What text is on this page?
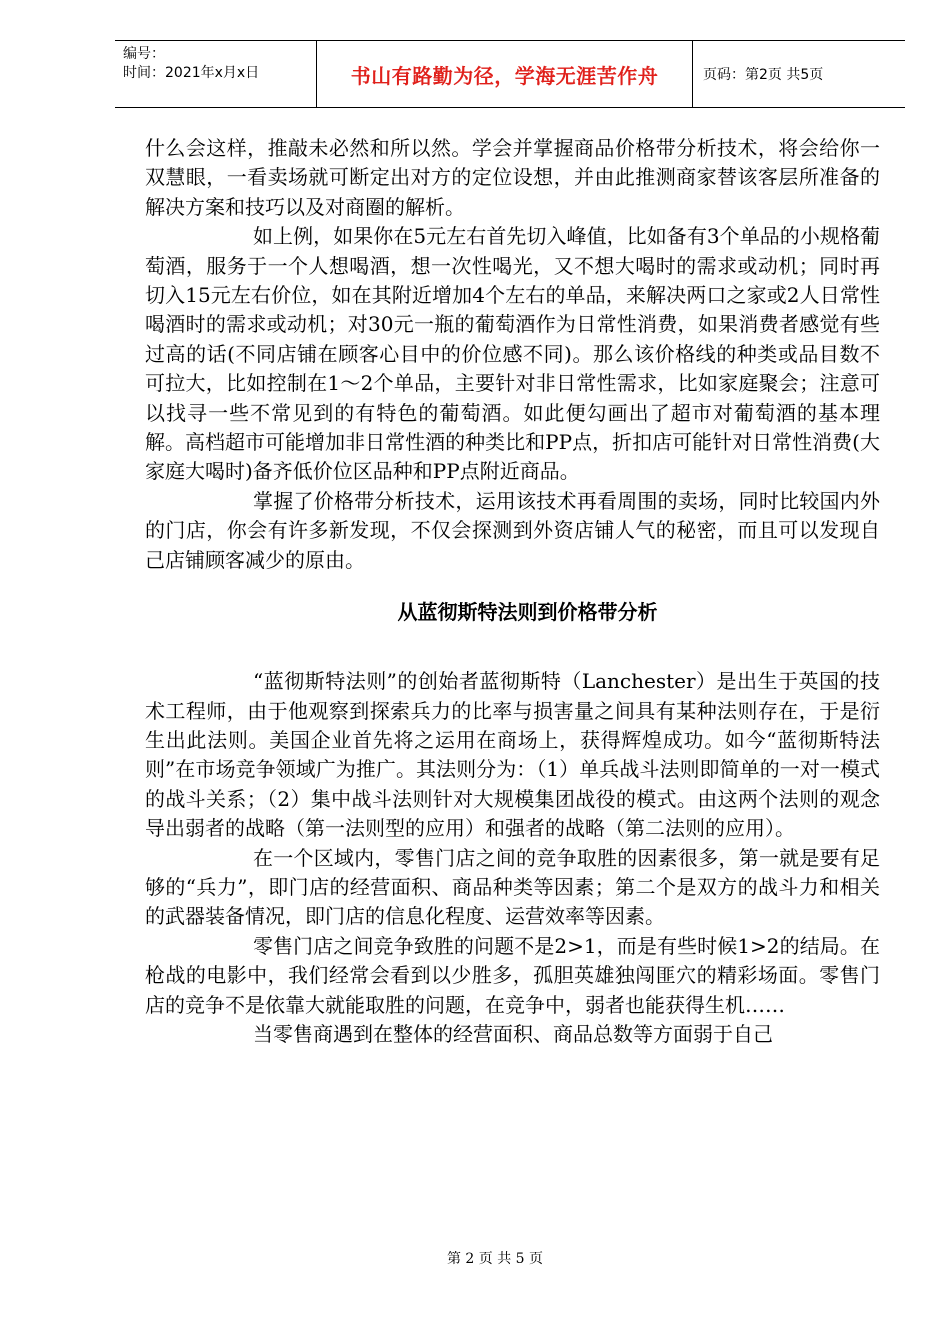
编号：
时间：2021年x月x日	书山有路勤为径，学海无涯苦作舟	页码：第2页 共5页

什么会这样，推敲未必然和所以然。学会并掌握商品价格带分析技术，将会给你一双慧眼，一看卖场就可断定出对方的定位设想，并由此推测商家替该客层所准备的解决方案和技巧以及对商圈的解析。

如上例，如果你在5元左右首先切入峰值，比如备有3个单品的小规格葡萄酒，服务于一个人想喝酒，想一次性喝光，又不想大喝时的需求或动机；同时再切入15元左右价位，如在其附近增加4个左右的单品，来解决两口之家或2人日常性喝酒时的需求或动机；对30元一瓶的葡萄酒作为日常性消费，如果消费者感觉有些过高的话(不同店铺在顾客心目中的价位感不同)。那么该价格线的种类或品目数不可拉大，比如控制在1～2个单品，主要针对非日常性需求，比如家庭聚会；注意可以找寻一些不常见到的有特色的葡萄酒。如此便勾画出了超市对葡萄酒的基本理解。高档超市可能增加非日常性酒的种类比和PP点，折扣店可能针对日常性消费(大家庭大喝时)备齐低价位区品种和PP点附近商品。

掌握了价格带分析技术，运用该技术再看周围的卖场，同时比较国内外的门店，你会有许多新发现，不仅会探测到外资店铺人气的秘密，而且可以发现自己店铺顾客减少的原由。

从蓝彻斯特法则到价格带分析

“蓝彻斯特法则”的创始者蓝彻斯特（Lanchester）是出生于英国的技术工程师，由于他观察到探索兵力的比率与损害量之间具有某种法则存在，于是衍生出此法则。美国企业首先将之运用在商场上，获得辉煌成功。如今“蓝彻斯特法则”在市场竞争领域广为推广。其法则分为：（1）单兵战斗法则即简单的一对一模式的战斗关系；（2）集中战斗法则针对大规模集团战役的模式。由这两个法则的观念导出弱者的战略（第一法则型的应用）和强者的战略（第二法则的应用）。

在一个区域内，零售门店之间的竞争取胜的因素很多，第一就是要有足够的“兵力”，即门店的经营面积、商品种类等因素；第二个是双方的战斗力和相关的武器装备情况，即门店的信息化程度、运营效率等因素。

零售门店之间竞争致胜的问题不是2>1，而是有些时候1>2的结局。在枪战的电影中，我们经常会看到以少胜多，孤胆英雄独闯匪穴的精彩场面。零售门店的竞争不是依靠大就能取胜的问题，在竞争中，弱者也能获得生机……

当零售商遇到在整体的经营面积、商品总数等方面弱于自己

第 2 页 共 5 页
